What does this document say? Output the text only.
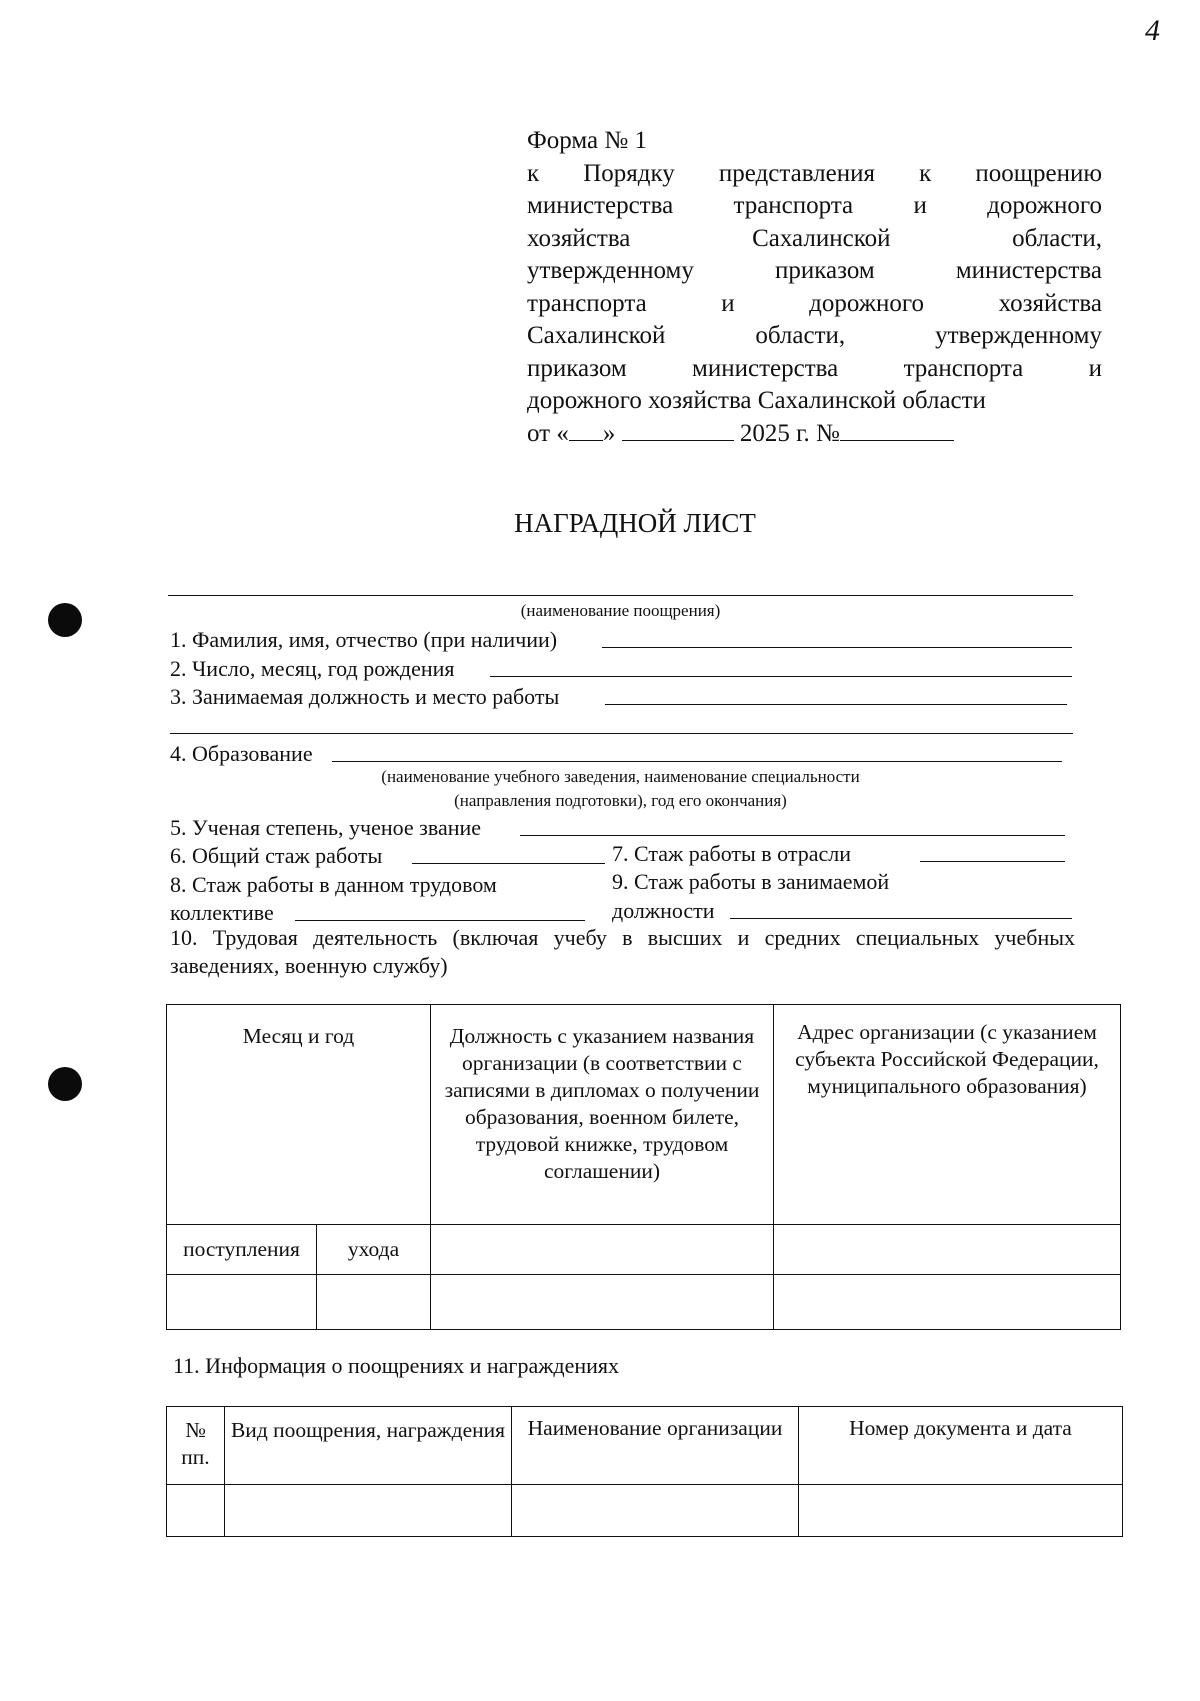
4
Форма № 1
к Порядку представления к поощрению
министерства транспорта и дорожного
хозяйства Сахалинской области,
утвержденному приказом министерства
транспорта и дорожного хозяйства
Сахалинской области, утвержденному
приказом министерства транспорта и
дорожного хозяйства Сахалинской области
от « »	2025 г. №
НАГРАДНОЙ ЛИСТ
(наименование поощрения)
1. Фамилия, имя, отчество (при наличии)
2. Число, месяц, год рождения
3. Занимаемая должность и место работы
4. Образование
(наименование учебного заведения, наименование специальности
(направления подготовки), год его окончания)
5. Ученая степень, ученое звание
6. Общий стаж работы	7. Стаж работы в отрасли
8. Стаж работы в данном трудовом
коллективе
9. Стаж работы в занимаемой
должности
10. Трудовая деятельность (включая учебу в высших и средних специальных учебных заведениях, военную службу)
Месяц и год		Должность с указанием названия организации (в соответствии с записями в дипломах о получении образования, военном билете, трудовой книжке, трудовом соглашении)	Адрес организации (с указанием субъекта Российской Федерации, муниципального образования)
поступления	ухода		

11. Информация о поощрениях и награждениях
№ пп.	Вид поощрения, награждения	Наименование организации	Номер документа и дата
